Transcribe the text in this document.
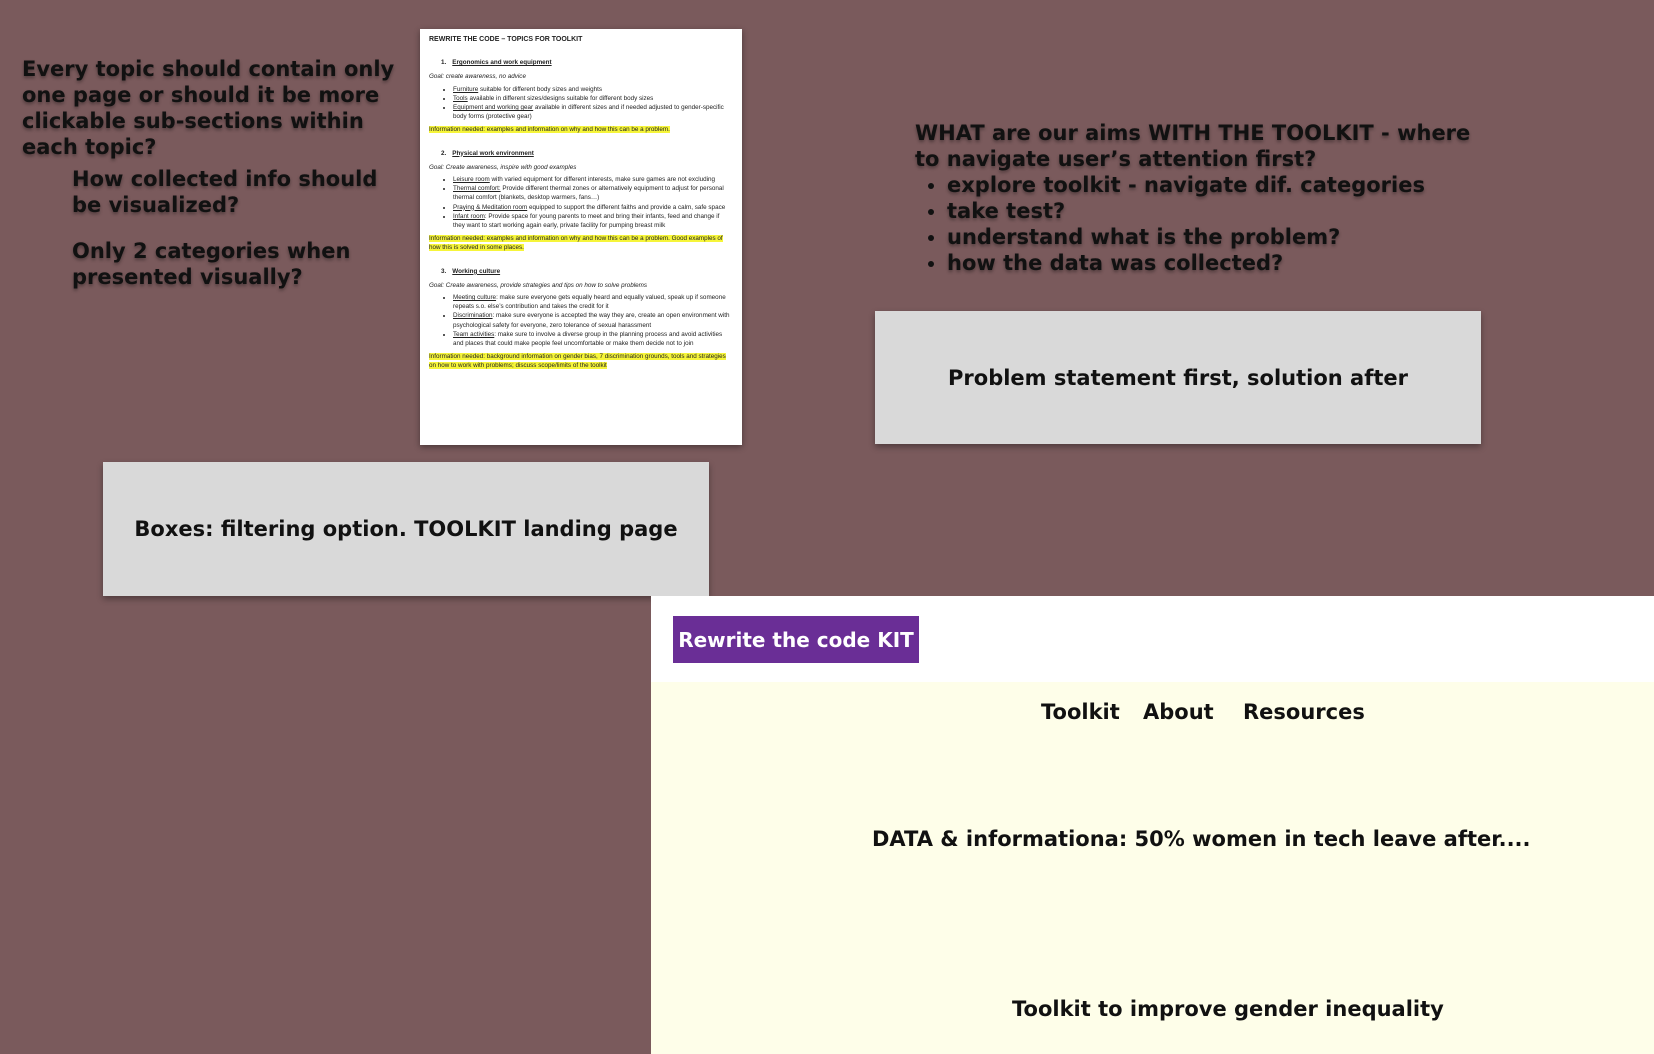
Every topic should contain only one page or should it be more clickable sub-sections within each topic?

How collected info should be visualized?

Only 2 categories when presented visually?

WHAT are our aims WITH THE TOOLKIT - where to navigate user’s attention first?
• explore toolkit - navigate dif. categories
• take test?
• understand what is the problem?
• how the data was collected?
Problem statement first, solution after
Boxes: filtering option. TOOLKIT landing page
REWRITE THE CODE – TOPICS FOR TOOLKIT
1. Ergonomics and work equipment
Goal: create awareness, no advice
• Furniture suitable for different body sizes and weights
• Tools available in different sizes/designs suitable for different body sizes
• Equipment and working gear available in different sizes and if needed adjusted to gender-specific body forms (protective gear)
Information needed: examples and information on why and how this can be a problem.
2. Physical work environment
Goal: Create awareness, inspire with good examples
• Leisure room with varied equipment for different interests, make sure games are not excluding
• Thermal comfort: Provide different thermal zones or alternatively equipment to adjust for personal thermal comfort (blankets, desktop warmers, fans…)
• Praying & Meditation room equipped to support the different faiths and provide a calm, safe space
• Infant room: Provide space for young parents to meet and bring their infants, feed and change if they want to start working again early, private facility for pumping breast milk
Information needed: examples and information on why and how this can be a problem. Good examples of how this is solved in some places.
3. Working culture
Goal: Create awareness, provide strategies and tips on how to solve problems
• Meeting culture: make sure everyone gets equally heard and equally valued, speak up if someone repeats s.o. else’s contribution and takes the credit for it
• Discrimination: make sure everyone is accepted the way they are, create an open environment with psychological safety for everyone, zero tolerance of sexual harassment
• Team activities: make sure to involve a diverse group in the planning process and avoid activities and places that could make people feel uncomfortable or make them decide not to join
Information needed: background information on gender bias, 7 discrimination grounds, tools and strategies on how to work with problems; discuss scope/limits of the toolkit
Rewrite the code KIT
Toolkit About Resources
DATA & informationa: 50% women in tech leave after....
Toolkit to improve gender inequality
